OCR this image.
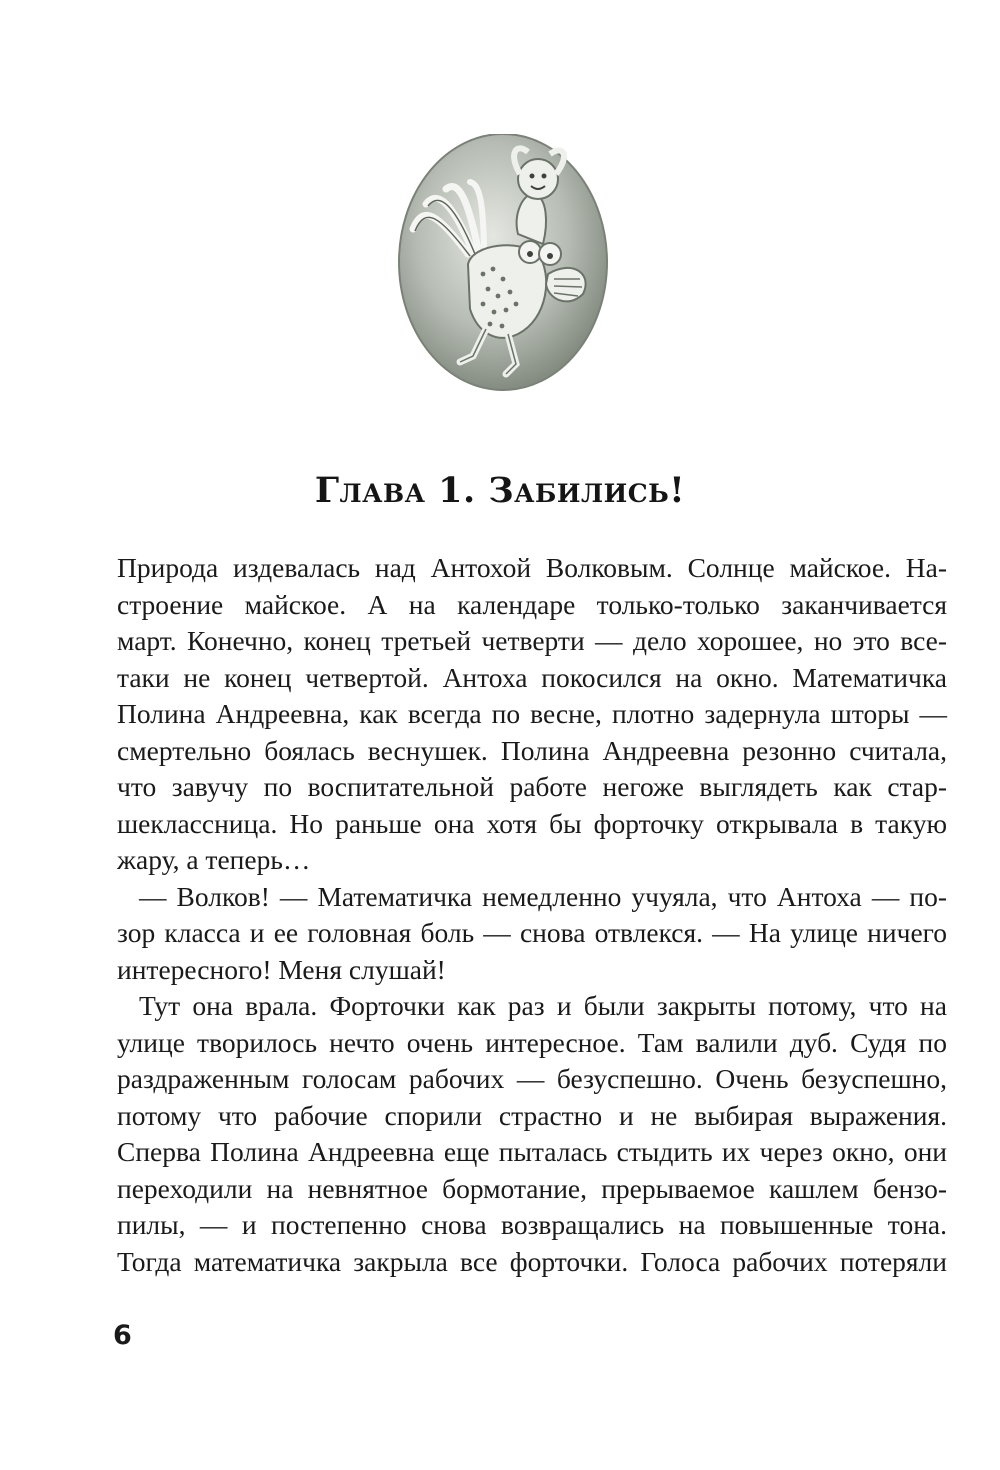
Глава 1. Забились!
Природа издевалась над Антохой Волковым. Солнце майское. На-
строение майское. А на календаре только-только заканчивается
март. Конечно, конец третьей четверти — дело хорошее, но это все-
таки не конец четвертой. Антоха покосился на окно. Математичка
Полина Андреевна, как всегда по весне, плотно задернула шторы —
смертельно боялась веснушек. Полина Андреевна резонно считала,
что завучу по воспитательной работе негоже выглядеть как стар-
шеклассница. Но раньше она хотя бы форточку открывала в такую
жару, а теперь…
— Волков! — Математичка немедленно учуяла, что Антоха — по-
зор класса и ее головная боль — снова отвлекся. — На улице ничего
интересного! Меня слушай!
Тут она врала. Форточки как раз и были закрыты потому, что на
улице творилось нечто очень интересное. Там валили дуб. Судя по
раздраженным голосам рабочих — безуспешно. Очень безуспешно,
потому что рабочие спорили страстно и не выбирая выражения.
Сперва Полина Андреевна еще пыталась стыдить их через окно, они
переходили на невнятное бормотание, прерываемое кашлем бензо-
пилы, — и постепенно снова возвращались на повышенные тона.
Тогда математичка закрыла все форточки. Голоса рабочих потеряли
6
